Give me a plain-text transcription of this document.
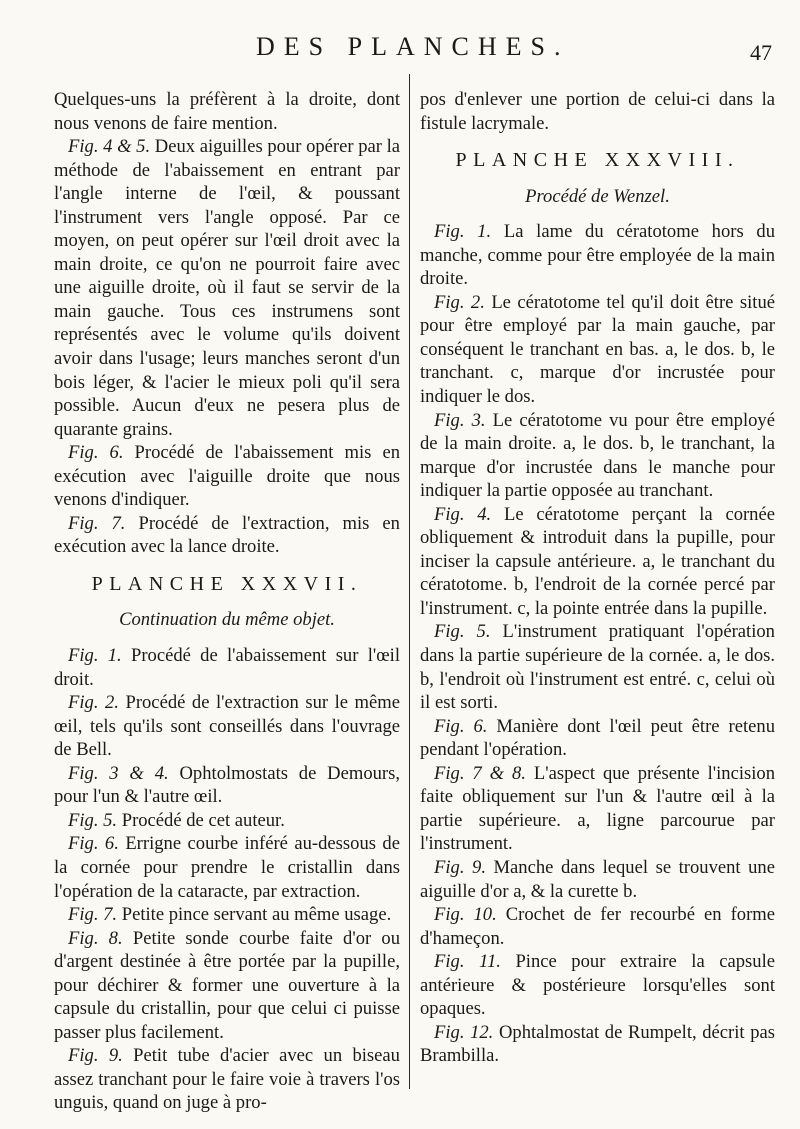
DES PLANCHES.	47

Quelques-uns la préfèrent à la droite, dont nous venons de faire mention.

Fig. 4 & 5. Deux aiguilles pour opérer par la méthode de l'abaissement en entrant par l'angle interne de l'œil, & poussant l'instrument vers l'angle opposé. Par ce moyen, on peut opérer sur l'œil droit avec la main droite, ce qu'on ne pourroit faire avec une aiguille droite, où il faut se servir de la main gauche. Tous ces instrumens sont représentés avec le volume qu'ils doivent avoir dans l'usage; leurs manches seront d'un bois léger, & l'acier le mieux poli qu'il sera possible. Aucun d'eux ne pesera plus de quarante grains.

Fig. 6. Procédé de l'abaissement mis en exécution avec l'aiguille droite que nous venons d'indiquer.

Fig. 7. Procédé de l'extraction, mis en exécution avec la lance droite.

PLANCHE XXXVII.
Continuation du même objet.

Fig. 1. Procédé de l'abaissement sur l'œil droit.

Fig. 2. Procédé de l'extraction sur le même œil, tels qu'ils sont conseillés dans l'ouvrage de Bell.

Fig. 3 & 4. Ophtolmostats de Demours, pour l'un & l'autre œil.

Fig. 5. Procédé de cet auteur.

Fig. 6. Errigne courbe inféré au-dessous de la cornée pour prendre le cristallin dans l'opération de la cataracte, par extraction.

Fig. 7. Petite pince servant au même usage.

Fig. 8. Petite sonde courbe faite d'or ou d'argent destinée à être portée par la pupille, pour déchirer & former une ouverture à la capsule du cristallin, pour que celui ci puisse passer plus facilement.

Fig. 9. Petit tube d'acier avec un biseau assez tranchant pour le faire voie à travers l'os unguis, quand on juge à pro-

pos d'enlever une portion de celui-ci dans la fistule lacrymale.

PLANCHE XXXVIII.
Procédé de Wenzel.

Fig. 1. La lame du cératotome hors du manche, comme pour être employée de la main droite.

Fig. 2. Le cératotome tel qu'il doit être situé pour être employé par la main gauche, par conséquent le tranchant en bas. a, le dos. b, le tranchant. c, marque d'or incrustée pour indiquer le dos.

Fig. 3. Le cératotome vu pour être employé de la main droite. a, le dos. b, le tranchant, la marque d'or incrustée dans le manche pour indiquer la partie opposée au tranchant.

Fig. 4. Le cératotome perçant la cornée obliquement & introduit dans la pupille, pour inciser la capsule antérieure. a, le tranchant du cératotome. b, l'endroit de la cornée percé par l'instrument. c, la pointe entrée dans la pupille.

Fig. 5. L'instrument pratiquant l'opération dans la partie supérieure de la cornée. a, le dos. b, l'endroit où l'instrument est entré. c, celui où il est sorti.

Fig. 6. Manière dont l'œil peut être retenu pendant l'opération.

Fig. 7 & 8. L'aspect que présente l'incision faite obliquement sur l'un & l'autre œil à la partie supérieure. a, ligne parcourue par l'instrument.

Fig. 9. Manche dans lequel se trouvent une aiguille d'or a, & la curette b.

Fig. 10. Crochet de fer recourbé en forme d'hameçon.

Fig. 11. Pince pour extraire la capsule antérieure & postérieure lorsqu'elles sont opaques.

Fig. 12. Ophtalmostat de Rumpelt, décrit pas Brambilla.
